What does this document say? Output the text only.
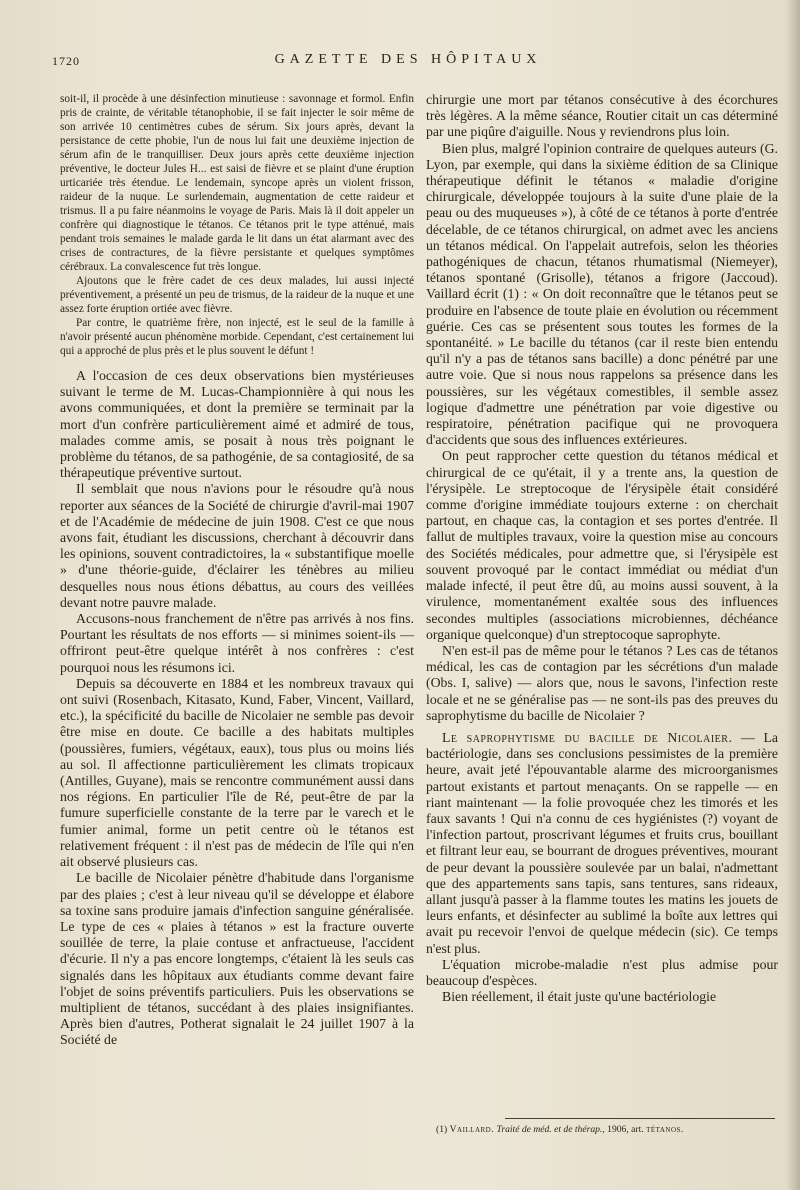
1720	GAZETTE DES HÔPITAUX

soit-il, il procède à une désinfection minutieuse : savonnage et formol. Enfin pris de crainte, de véritable tétanophobie, il se fait injecter le soir même de son arrivée 10 centimètres cubes de sérum. Six jours après, devant la persistance de cette phobie, l'un de nous lui fait une deuxième injection de sérum afin de le tranquilliser. Deux jours après cette deuxième injection préventive, le docteur Jules H... est saisi de fièvre et se plaint d'une éruption urticariée très étendue. Le lendemain, syncope après un violent frisson, raideur de la nuque. Le surlendemain, augmentation de cette raideur et trismus. Il a pu faire néanmoins le voyage de Paris. Mais là il doit appeler un confrère qui diagnostique le tétanos. Ce tétanos prit le type atténué, mais pendant trois semaines le malade garda le lit dans un état alarmant avec des crises de contractures, de la fièvre persistante et quelques symptômes cérébraux. La convalescence fut très longue.

Ajoutons que le frère cadet de ces deux malades, lui aussi injecté préventivement, a présenté un peu de trismus, de la raideur de la nuque et une assez forte éruption ortiée avec fièvre.

Par contre, le quatrième frère, non injecté, est le seul de la famille à n'avoir présenté aucun phénomène morbide. Cependant, c'est certainement lui qui a approché de plus près et le plus souvent le défunt !

A l'occasion de ces deux observations bien mystérieuses suivant le terme de M. Lucas-Championnière à qui nous les avons communiquées, et dont la première se terminait par la mort d'un confrère particulièrement aimé et admiré de tous, malades comme amis, se posait à nous très poignant le problème du tétanos, de sa pathogénie, de sa contagiosité, de sa thérapeutique préventive surtout.

Il semblait que nous n'avions pour le résoudre qu'à nous reporter aux séances de la Société de chirurgie d'avril-mai 1907 et de l'Académie de médecine de juin 1908. C'est ce que nous avons fait, étudiant les discussions, cherchant à découvrir dans les opinions, souvent contradictoires, la « substantifique moelle » d'une théorie-guide, d'éclairer les ténèbres au milieu desquelles nous nous étions débattus, au cours des veillées devant notre pauvre malade.

Accusons-nous franchement de n'être pas arrivés à nos fins. Pourtant les résultats de nos efforts — si minimes soient-ils — offriront peut-être quelque intérêt à nos confrères : c'est pourquoi nous les résumons ici.

Depuis sa découverte en 1884 et les nombreux travaux qui ont suivi (Rosenbach, Kitasato, Kund, Faber, Vincent, Vaillard, etc.), la spécificité du bacille de Nicolaier ne semble pas devoir être mise en doute. Ce bacille a des habitats multiples (poussières, fumiers, végétaux, eaux), tous plus ou moins liés au sol. Il affectionne particulièrement les climats tropicaux (Antilles, Guyane), mais se rencontre communément aussi dans nos régions. En particulier l'île de Ré, peut-être de par la fumure superficielle constante de la terre par le varech et le fumier animal, forme un petit centre où le tétanos est relativement fréquent : il n'est pas de médecin de l'île qui n'en ait observé plusieurs cas.

Le bacille de Nicolaier pénètre d'habitude dans l'organisme par des plaies ; c'est à leur niveau qu'il se développe et élabore sa toxine sans produire jamais d'infection sanguine généralisée. Le type de ces « plaies à tétanos » est la fracture ouverte souillée de terre, la plaie contuse et anfractueuse, l'accident d'écurie. Il n'y a pas encore longtemps, c'étaient là les seuls cas signalés dans les hôpitaux aux étudiants comme devant faire l'objet de soins préventifs particuliers. Puis les observations se multiplient de tétanos, succédant à des plaies insignifiantes. Après bien d'autres, Potherat signalait le 24 juillet 1907 à la Société de

chirurgie une mort par tétanos consécutive à des écorchures très légères. A la même séance, Routier citait un cas déterminé par une piqûre d'aiguille. Nous y reviendrons plus loin.

Bien plus, malgré l'opinion contraire de quelques auteurs (G. Lyon, par exemple, qui dans la sixième édition de sa Clinique thérapeutique définit le tétanos « maladie d'origine chirurgicale, développée toujours à la suite d'une plaie de la peau ou des muqueuses »), à côté de ce tétanos à porte d'entrée décelable, de ce tétanos chirurgical, on admet avec les anciens un tétanos médical. On l'appelait autrefois, selon les théories pathogéniques de chacun, tétanos rhumatismal (Niemeyer), tétanos spontané (Grisolle), tétanos a frigore (Jaccoud). Vaillard écrit (1) : « On doit reconnaître que le tétanos peut se produire en l'absence de toute plaie en évolution ou récemment guérie. Ces cas se présentent sous toutes les formes de la spontanéité. » Le bacille du tétanos (car il reste bien entendu qu'il n'y a pas de tétanos sans bacille) a donc pénétré par une autre voie. Que si nous nous rappelons sa présence dans les poussières, sur les végétaux comestibles, il semble assez logique d'admettre une pénétration par voie digestive ou respiratoire, pénétration pacifique qui ne provoquera d'accidents que sous des influences extérieures.

On peut rapprocher cette question du tétanos médical et chirurgical de ce qu'était, il y a trente ans, la question de l'érysipèle. Le streptocoque de l'érysipèle était considéré comme d'origine immédiate toujours externe : on cherchait partout, en chaque cas, la contagion et ses portes d'entrée. Il fallut de multiples travaux, voire la question mise au concours des Sociétés médicales, pour admettre que, si l'érysipèle est souvent provoqué par le contact immédiat ou médiat d'un malade infecté, il peut être dû, au moins aussi souvent, à la virulence, momentanément exaltée sous des influences secondes multiples (associations microbiennes, déchéance organique quelconque) d'un streptocoque saprophyte.

N'en est-il pas de même pour le tétanos ? Les cas de tétanos médical, les cas de contagion par les sécrétions d'un malade (Obs. I, salive) — alors que, nous le savons, l'infection reste locale et ne se généralise pas — ne sont-ils pas des preuves du saprophytisme du bacille de Nicolaier ?

Le saprophytisme du bacille de Nicolaier. — La bactériologie, dans ses conclusions pessimistes de la première heure, avait jeté l'épouvantable alarme des microorganismes partout existants et partout menaçants. On se rappelle — en riant maintenant — la folie provoquée chez les timorés et les faux savants ! Qui n'a connu de ces hygiénistes (?) voyant de l'infection partout, proscrivant légumes et fruits crus, bouillant et filtrant leur eau, se bourrant de drogues préventives, mourant de peur devant la poussière soulevée par un balai, n'admettant que des appartements sans tapis, sans tentures, sans rideaux, allant jusqu'à passer à la flamme toutes les matins les jouets de leurs enfants, et désinfecter au sublimé la boîte aux lettres qui avait pu recevoir l'envoi de quelque médecin (sic). Ce temps n'est plus.

L'équation microbe-maladie n'est plus admise pour beaucoup d'espèces.

Bien réellement, il était juste qu'une bactériologie

(1) Vaillard. Traité de méd. et de thérap., 1906, art. tétanos.
